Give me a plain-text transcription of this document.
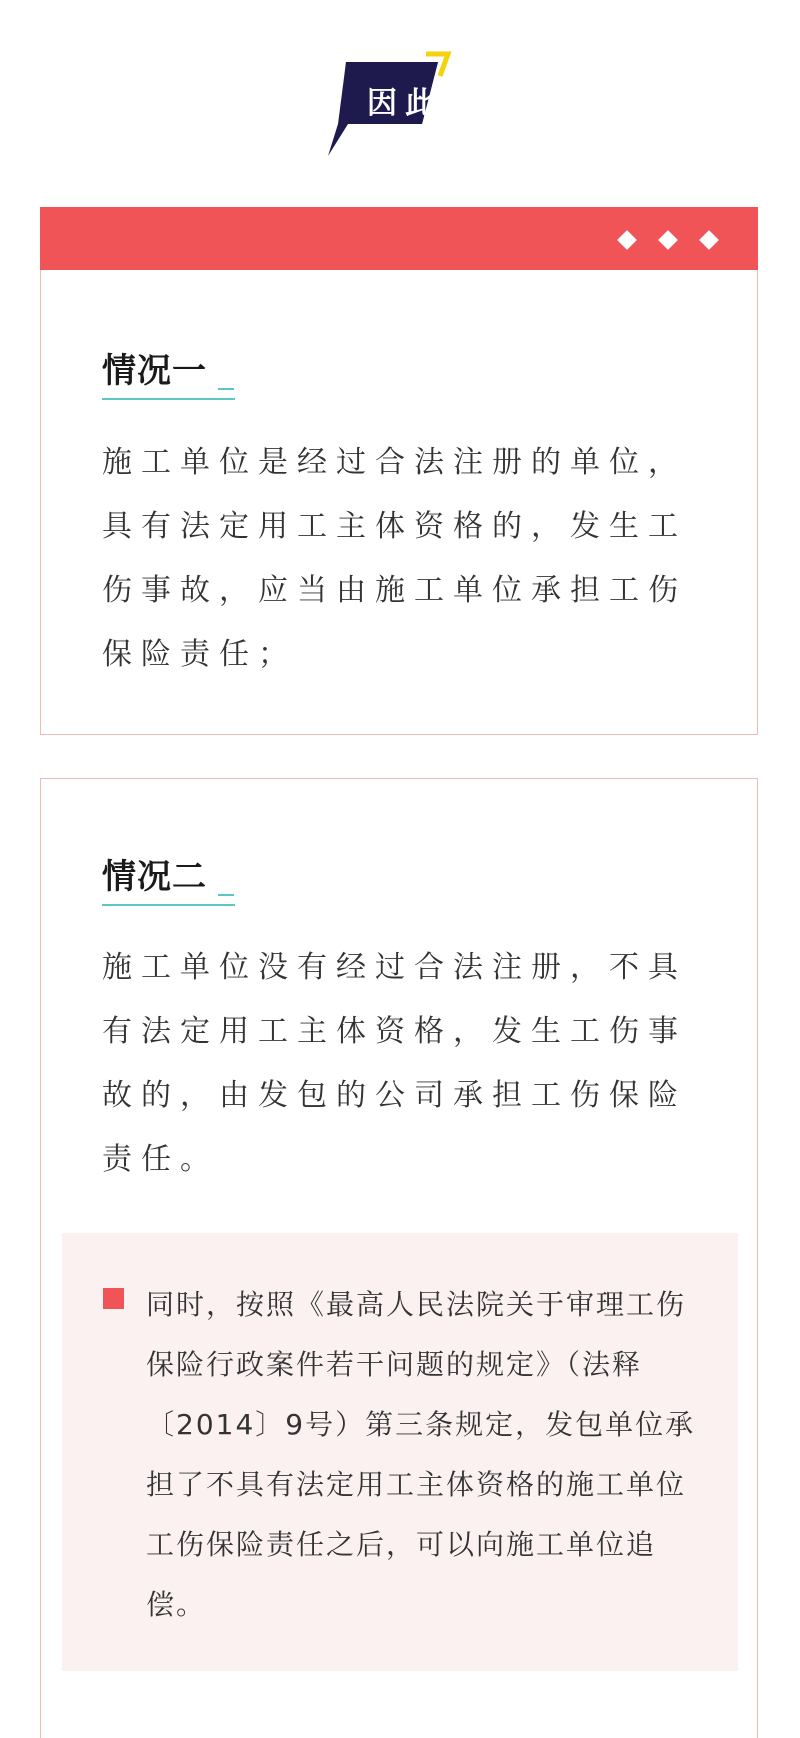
因此
情况一
施工单位是经过合法注册的单位，具有法定用工主体资格的，发生工伤事故，应当由施工单位承担工伤保险责任；
情况二
施工单位没有经过合法注册，不具有法定用工主体资格，发生工伤事故的，由发包的公司承担工伤保险责任。
同时，按照《最高人民法院关于审理工伤保险行政案件若干问题的规定》（法释〔2014〕9号）第三条规定，发包单位承担了不具有法定用工主体资格的施工单位工伤保险责任之后，可以向施工单位追偿。
